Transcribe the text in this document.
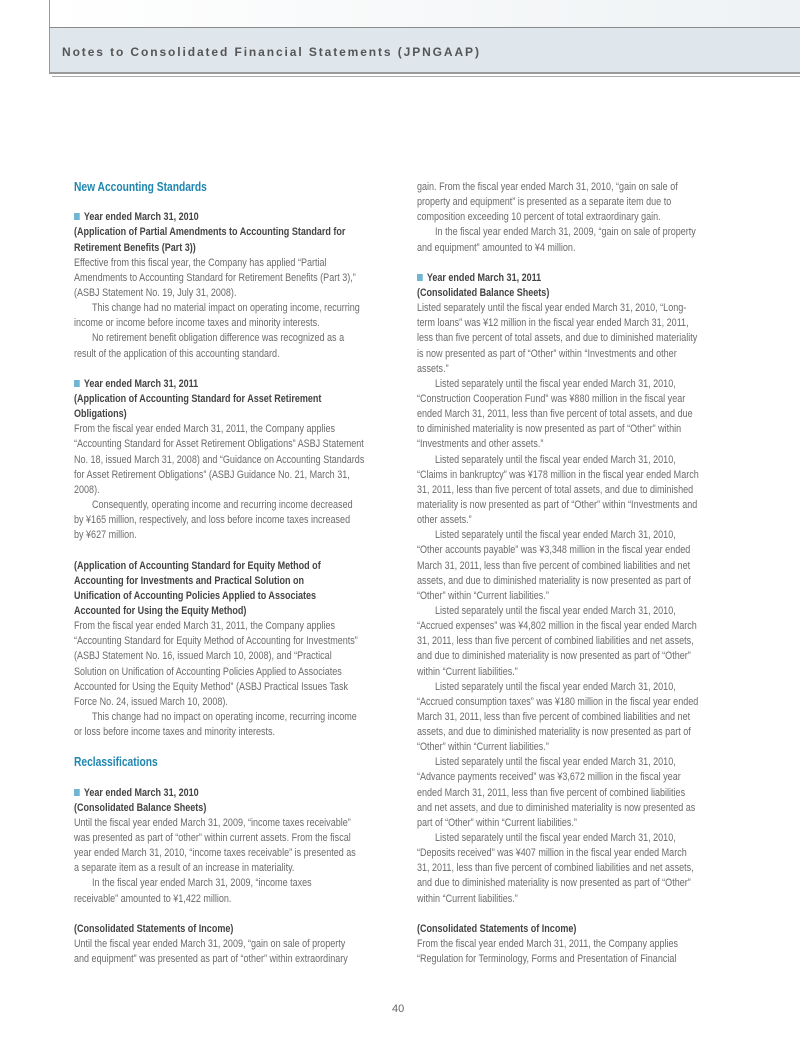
Notes to Consolidated Financial Statements (JPNGAAP)
New Accounting Standards
Year ended March 31, 2010
(Application of Partial Amendments to Accounting Standard for
Retirement Benefits (Part 3))
Effective from this fiscal year, the Company has applied “Partial
Amendments to Accounting Standard for Retirement Benefits (Part 3),”
(ASBJ Statement No. 19, July 31, 2008).
This change had no material impact on operating income, recurring
income or income before income taxes and minority interests.
No retirement benefit obligation difference was recognized as a
result of the application of this accounting standard.
Year ended March 31, 2011
(Application of Accounting Standard for Asset Retirement
Obligations)
From the fiscal year ended March 31, 2011, the Company applies
“Accounting Standard for Asset Retirement Obligations” ASBJ Statement
No. 18, issued March 31, 2008) and “Guidance on Accounting Standards
for Asset Retirement Obligations” (ASBJ Guidance No. 21, March 31,
2008).
Consequently, operating income and recurring income decreased
by ¥165 million, respectively, and loss before income taxes increased
by ¥627 million.
(Application of Accounting Standard for Equity Method of
Accounting for Investments and Practical Solution on
Unification of Accounting Policies Applied to Associates
Accounted for Using the Equity Method)
From the fiscal year ended March 31, 2011, the Company applies
“Accounting Standard for Equity Method of Accounting for Investments”
(ASBJ Statement No. 16, issued March 10, 2008), and “Practical
Solution on Unification of Accounting Policies Applied to Associates
Accounted for Using the Equity Method” (ASBJ Practical Issues Task
Force No. 24, issued March 10, 2008).
This change had no impact on operating income, recurring income
or loss before income taxes and minority interests.
Reclassifications
Year ended March 31, 2010
(Consolidated Balance Sheets)
Until the fiscal year ended March 31, 2009, “income taxes receivable”
was presented as part of “other” within current assets. From the fiscal
year ended March 31, 2010, “income taxes receivable” is presented as
a separate item as a result of an increase in materiality.
In the fiscal year ended March 31, 2009, “income taxes
receivable” amounted to ¥1,422 million.
(Consolidated Statements of Income)
Until the fiscal year ended March 31, 2009, “gain on sale of property
and equipment” was presented as part of “other” within extraordinary
gain. From the fiscal year ended March 31, 2010, “gain on sale of
property and equipment” is presented as a separate item due to
composition exceeding 10 percent of total extraordinary gain.
In the fiscal year ended March 31, 2009, “gain on sale of property
and equipment” amounted to ¥4 million.
Year ended March 31, 2011
(Consolidated Balance Sheets)
Listed separately until the fiscal year ended March 31, 2010, “Long-
term loans” was ¥12 million in the fiscal year ended March 31, 2011,
less than five percent of total assets, and due to diminished materiality
is now presented as part of “Other” within “Investments and other
assets.”
Listed separately until the fiscal year ended March 31, 2010,
“Construction Cooperation Fund” was ¥880 million in the fiscal year
ended March 31, 2011, less than five percent of total assets, and due
to diminished materiality is now presented as part of “Other” within
“Investments and other assets.”
Listed separately until the fiscal year ended March 31, 2010,
“Claims in bankruptcy” was ¥178 million in the fiscal year ended March
31, 2011, less than five percent of total assets, and due to diminished
materiality is now presented as part of “Other” within “Investments and
other assets.”
Listed separately until the fiscal year ended March 31, 2010,
“Other accounts payable” was ¥3,348 million in the fiscal year ended
March 31, 2011, less than five percent of combined liabilities and net
assets, and due to diminished materiality is now presented as part of
“Other” within “Current liabilities.”
Listed separately until the fiscal year ended March 31, 2010,
“Accrued expenses” was ¥4,802 million in the fiscal year ended March
31, 2011, less than five percent of combined liabilities and net assets,
and due to diminished materiality is now presented as part of “Other”
within “Current liabilities.”
Listed separately until the fiscal year ended March 31, 2010,
“Accrued consumption taxes” was ¥180 million in the fiscal year ended
March 31, 2011, less than five percent of combined liabilities and net
assets, and due to diminished materiality is now presented as part of
“Other” within “Current liabilities.”
Listed separately until the fiscal year ended March 31, 2010,
“Advance payments received” was ¥3,672 million in the fiscal year
ended March 31, 2011, less than five percent of combined liabilities
and net assets, and due to diminished materiality is now presented as
part of “Other” within “Current liabilities.”
Listed separately until the fiscal year ended March 31, 2010,
“Deposits received” was ¥407 million in the fiscal year ended March
31, 2011, less than five percent of combined liabilities and net assets,
and due to diminished materiality is now presented as part of “Other”
within “Current liabilities.”
(Consolidated Statements of Income)
From the fiscal year ended March 31, 2011, the Company applies
“Regulation for Terminology, Forms and Presentation of Financial
40
